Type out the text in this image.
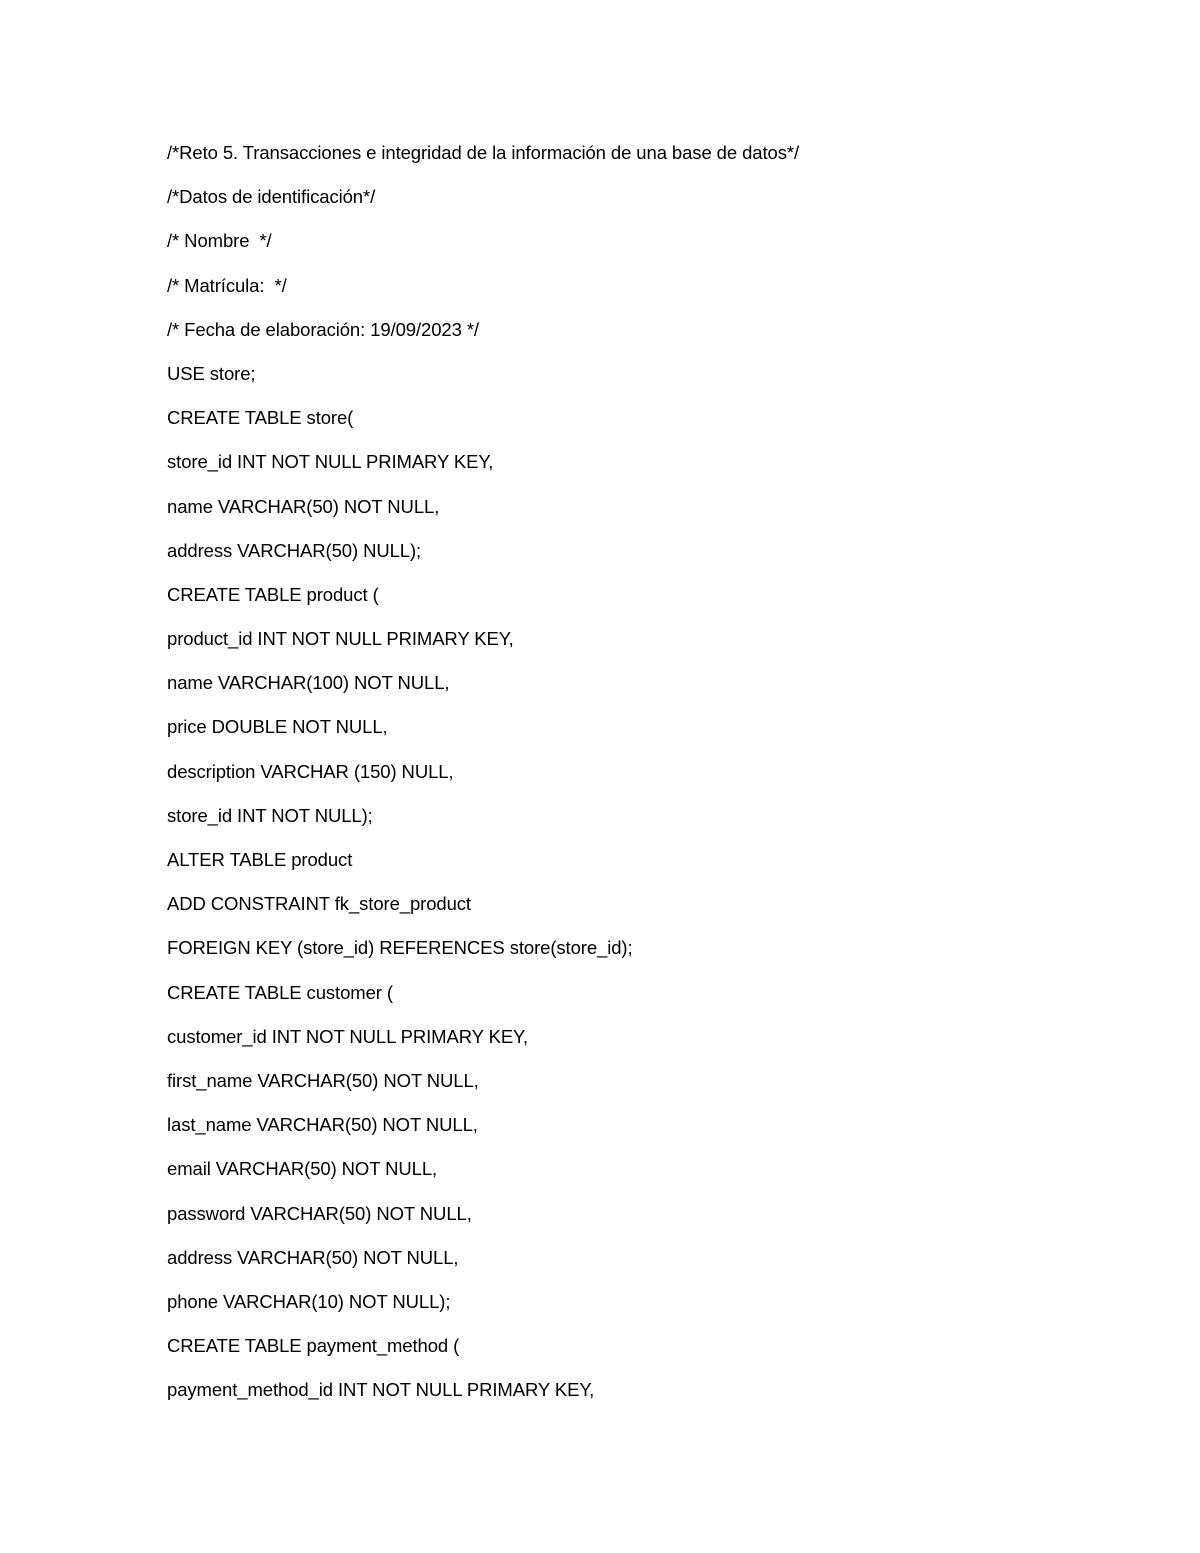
/*Reto 5. Transacciones e integridad de la información de una base de datos*/
/*Datos de identificación*/
/* Nombre  */
/* Matrícula:  */
/* Fecha de elaboración: 19/09/2023 */
USE store;
CREATE TABLE store(
store_id INT NOT NULL PRIMARY KEY,
name VARCHAR(50) NOT NULL,
address VARCHAR(50) NULL);
CREATE TABLE product (
product_id INT NOT NULL PRIMARY KEY,
name VARCHAR(100) NOT NULL,
price DOUBLE NOT NULL,
description VARCHAR (150) NULL,
store_id INT NOT NULL);
ALTER TABLE product
ADD CONSTRAINT fk_store_product
FOREIGN KEY (store_id) REFERENCES store(store_id);
CREATE TABLE customer (
customer_id INT NOT NULL PRIMARY KEY,
first_name VARCHAR(50) NOT NULL,
last_name VARCHAR(50) NOT NULL,
email VARCHAR(50) NOT NULL,
password VARCHAR(50) NOT NULL,
address VARCHAR(50) NOT NULL,
phone VARCHAR(10) NOT NULL);
CREATE TABLE payment_method (
payment_method_id INT NOT NULL PRIMARY KEY,
